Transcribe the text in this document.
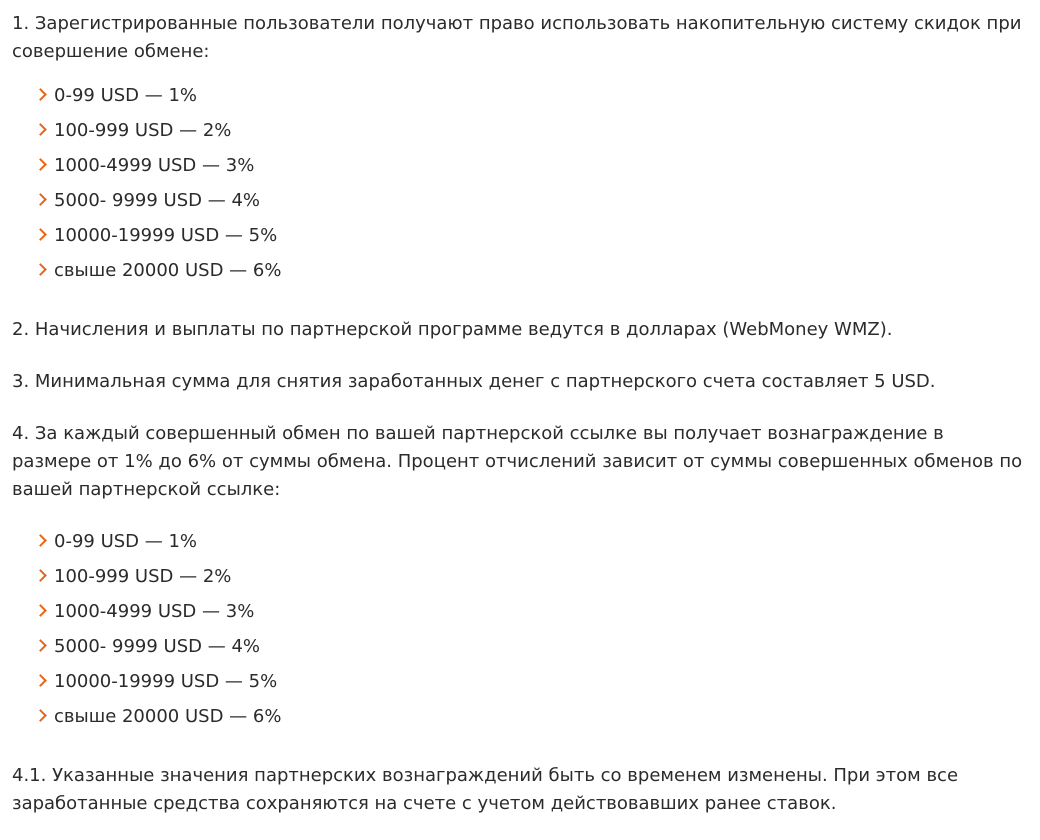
1. Зарегистрированные пользователи получают право использовать накопительную систему скидок при совершение обмене:

0-99 USD — 1%
100-999 USD — 2%
1000-4999 USD — 3%
5000- 9999 USD — 4%
10000-19999 USD — 5%
свыше 20000 USD — 6%

2. Начисления и выплаты по партнерской программе ведутся в долларах (WebMoney WMZ).

3. Минимальная сумма для снятия заработанных денег с партнерского счета составляет 5 USD.

4. За каждый совершенный обмен по вашей партнерской ссылке вы получает вознаграждение в размере от 1% до 6% от суммы обмена. Процент отчислений зависит от суммы совершенных обменов по вашей партнерской ссылке:

0-99 USD — 1%
100-999 USD — 2%
1000-4999 USD — 3%
5000- 9999 USD — 4%
10000-19999 USD — 5%
свыше 20000 USD — 6%

4.1. Указанные значения партнерских вознаграждений быть со временем изменены. При этом все заработанные средства сохраняются на счете с учетом действовавших ранее ставок.
